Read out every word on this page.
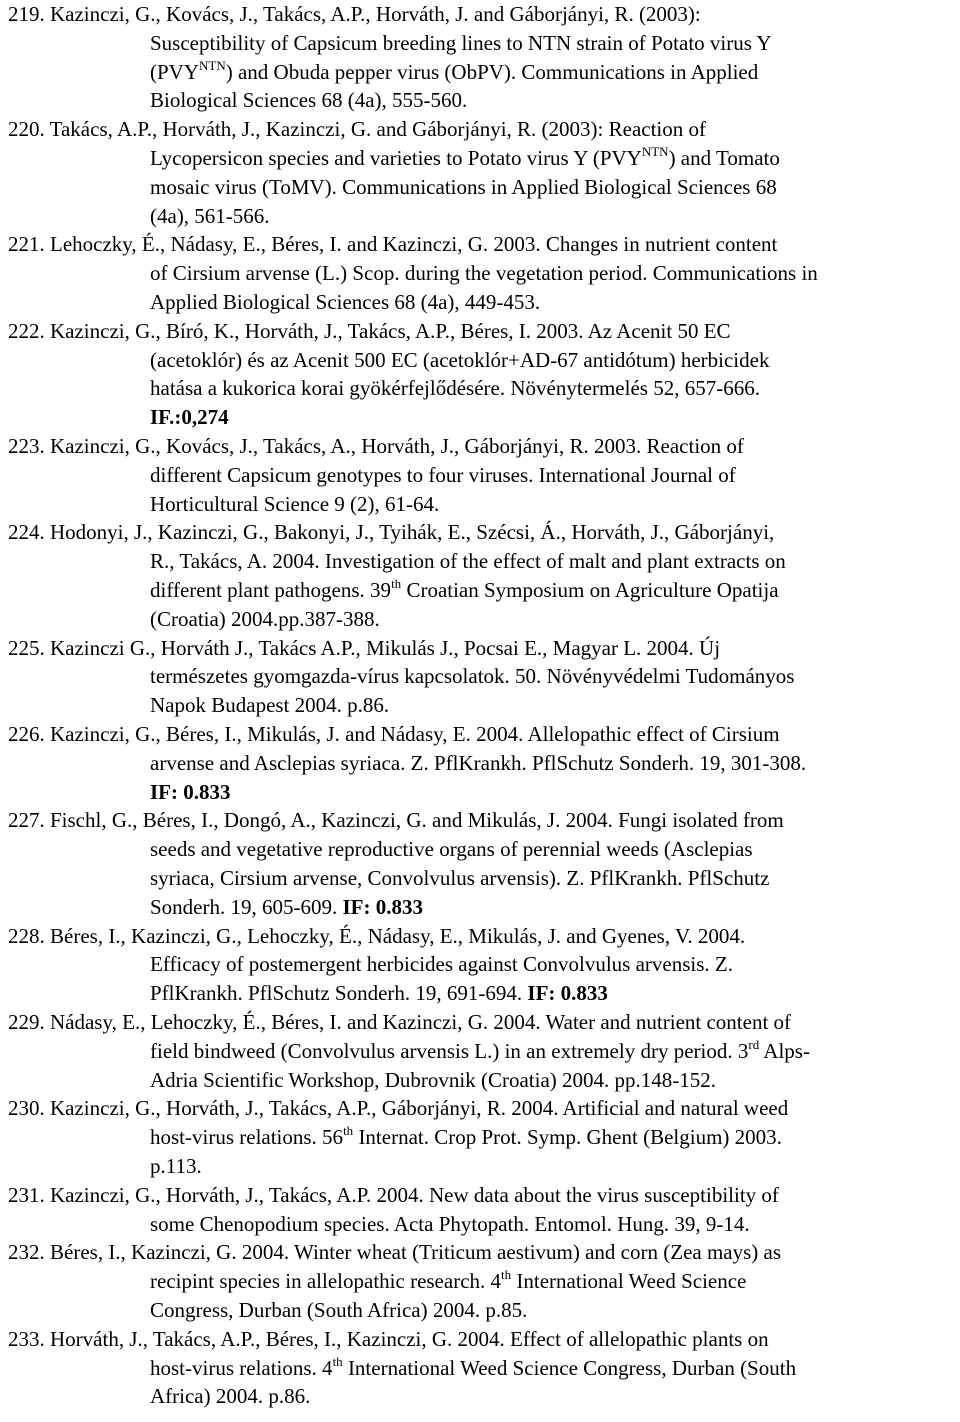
219. Kazinczi, G., Kovács, J., Takács, A.P., Horváth, J. and Gáborjányi, R. (2003):
Susceptibility of Capsicum breeding lines to NTN strain of Potato virus Y
$(PVY^{NTN})$ and Obuda pepper virus (ObPV). Communications in Applied
Biological Sciences 68 (4a), 555-560.
220. Takács, A.P., Horváth, J., Kazinczi, G. and Gáborjányi, R. (2003): Reaction of
Lycopersicon species and varieties to Potato virus Y $(PVY^{NTN})$ and Tomato
mosaic virus (ToMV). Communications in Applied Biological Sciences 68
(4a), 561-566.
221. Lehoczky, É., Nádasy, E., Béres, I. and Kazinczi, G. 2003. Changes in nutrient content
of Cirsium arvense (L.) Scop. during the vegetation period. Communications in
Applied Biological Sciences 68 (4a), 449-453.
222. Kazinczi, G., Bíró, K., Horváth, J., Takács, A.P., Béres, I. 2003. Az Acenit 50 EC
(acetoklór) és az Acenit 500 EC (acetoklór+AD-67 antidótum) herbicidek
hatása a kukorica korai gyökérfejlődésére. Növénytermelés 52, 657-666.
IF.:0,274
223. Kazinczi, G., Kovács, J., Takács, A., Horváth, J., Gáborjányi, R. 2003. Reaction of
different Capsicum genotypes to four viruses. International Journal of
Horticultural Science 9 (2), 61-64.
224. Hodonyi, J., Kazinczi, G., Bakonyi, J., Tyihák, E., Szécsi, Á., Horváth, J., Gáborjányi,
R., Takács, A. 2004. Investigation of the effect of malt and plant extracts on
different plant pathogens. 39th Croatian Symposium on Agriculture Opatija
(Croatia) 2004.pp.387-388.
225. Kazinczi G., Horváth J., Takács A.P., Mikulás J., Pocsai E., Magyar L. 2004. Új
természetes gyomgazda-vírus kapcsolatok. 50. Növényvédelmi Tudományos
Napok Budapest 2004. p.86.
226. Kazinczi, G., Béres, I., Mikulás, J. and Nádasy, E. 2004. Allelopathic effect of Cirsium
arvense and Asclepias syriaca. Z. PflKrankh. PflSchutz Sonderh. 19, 301-308.
IF: 0.833
227. Fischl, G., Béres, I., Dongó, A., Kazinczi, G. and Mikulás, J. 2004. Fungi isolated from
seeds and vegetative reproductive organs of perennial weeds (Asclepias
syriaca, Cirsium arvense, Convolvulus arvensis). Z. PflKrankh. PflSchutz
Sonderh. 19, 605-609. IF: 0.833
228. Béres, I., Kazinczi, G., Lehoczky, É., Nádasy, E., Mikulás, J. and Gyenes, V. 2004.
Efficacy of postemergent herbicides against Convolvulus arvensis. Z.
PflKrankh. PflSchutz Sonderh. 19, 691-694. IF: 0.833
229. Nádasy, E., Lehoczky, É., Béres, I. and Kazinczi, G. 2004. Water and nutrient content of
field bindweed (Convolvulus arvensis L.) in an extremely dry period. 3rd Alps-
Adria Scientific Workshop, Dubrovnik (Croatia) 2004. pp.148-152.
230. Kazinczi, G., Horváth, J., Takács, A.P., Gáborjányi, R. 2004. Artificial and natural weed
host-virus relations. 56th Internat. Crop Prot. Symp. Ghent (Belgium) 2003.
p.113.
231. Kazinczi, G., Horváth, J., Takács, A.P. 2004. New data about the virus susceptibility of
some Chenopodium species. Acta Phytopath. Entomol. Hung. 39, 9-14.
232. Béres, I., Kazinczi, G. 2004. Winter wheat (Triticum aestivum) and corn (Zea mays) as
recipint species in allelopathic research. 4th International Weed Science
Congress, Durban (South Africa) 2004. p.85.
233. Horváth, J., Takács, A.P., Béres, I., Kazinczi, G. 2004. Effect of allelopathic plants on
host-virus relations. 4th International Weed Science Congress, Durban (South
Africa) 2004. p.86.
